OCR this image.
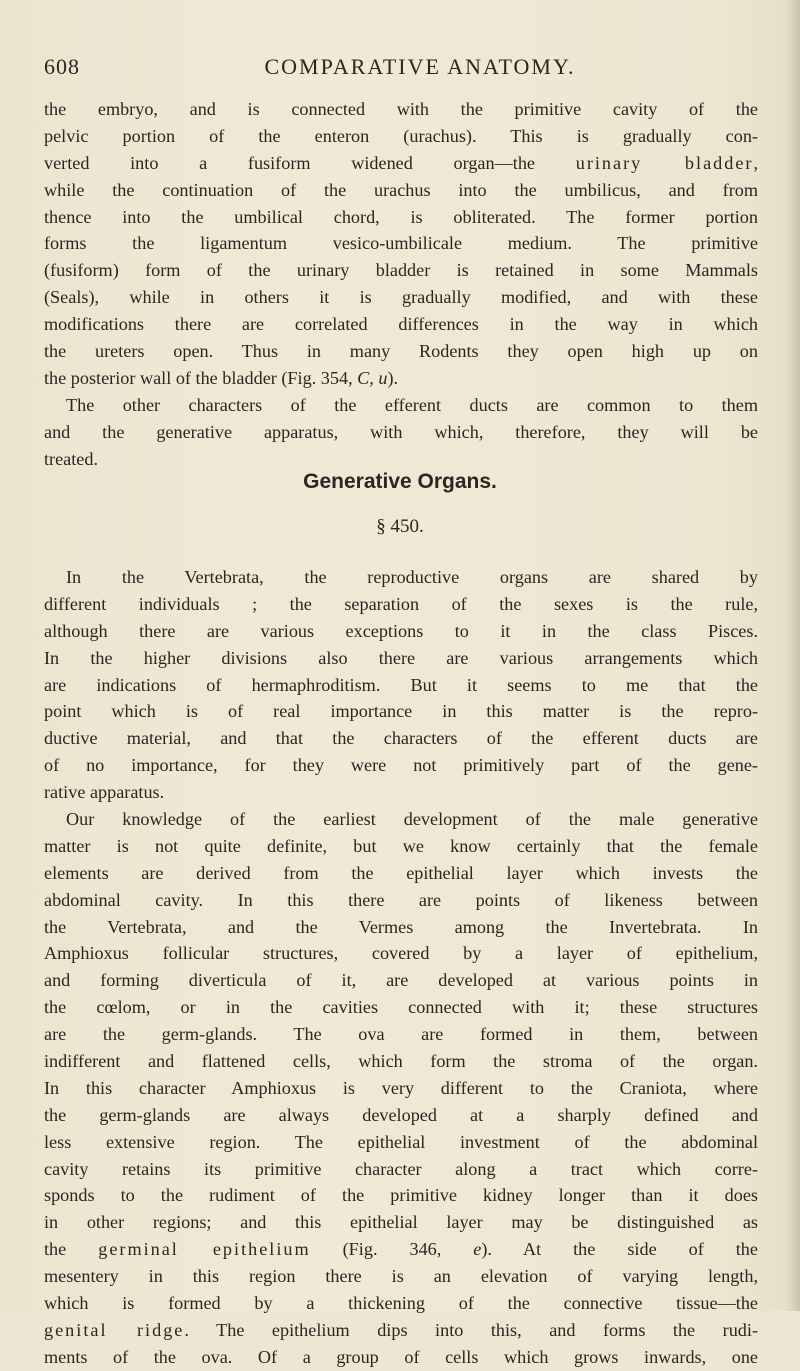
608	COMPARATIVE ANATOMY.
the embryo, and is connected with the primitive cavity of the
pelvic portion of the enteron (urachus). This is gradually con-
verted into a fusiform widened organ—the urinary bladder,
while the continuation of the urachus into the umbilicus, and from
thence into the umbilical chord, is obliterated. The former portion
forms the ligamentum vesico-umbilicale medium. The primitive
(fusiform) form of the urinary bladder is retained in some Mammals
(Seals), while in others it is gradually modified, and with these
modifications there are correlated differences in the way in which
the ureters open. Thus in many Rodents they open high up on
the posterior wall of the bladder (Fig. 354, C, u).
The other characters of the efferent ducts are common to them
and the generative apparatus, with which, therefore, they will be
treated.
Generative Organs.
§ 450.
In the Vertebrata, the reproductive organs are shared by
different individuals ; the separation of the sexes is the rule,
although there are various exceptions to it in the class Pisces.
In the higher divisions also there are various arrangements which
are indications of hermaphroditism. But it seems to me that the
point which is of real importance in this matter is the repro-
ductive material, and that the characters of the efferent ducts are
of no importance, for they were not primitively part of the gene-
rative apparatus.
Our knowledge of the earliest development of the male generative
matter is not quite definite, but we know certainly that the female
elements are derived from the epithelial layer which invests the
abdominal cavity. In this there are points of likeness between
the Vertebrata, and the Vermes among the Invertebrata. In
Amphioxus follicular structures, covered by a layer of epithelium,
and forming diverticula of it, are developed at various points in
the cœlom, or in the cavities connected with it; these structures
are the germ-glands. The ova are formed in them, between
indifferent and flattened cells, which form the stroma of the organ.
In this character Amphioxus is very different to the Craniota, where
the germ-glands are always developed at a sharply defined and
less extensive region. The epithelial investment of the abdominal
cavity retains its primitive character along a tract which corre-
sponds to the rudiment of the primitive kidney longer than it does
in other regions; and this epithelial layer may be distinguished as
the germinal epithelium (Fig. 346, e). At the side of the
mesentery in this region there is an elevation of varying length,
which is formed by a thickening of the connective tissue—the
genital ridge. The epithelium dips into this, and forms the rudi-
ments of the ova. Of a group of cells which grows inwards, one
